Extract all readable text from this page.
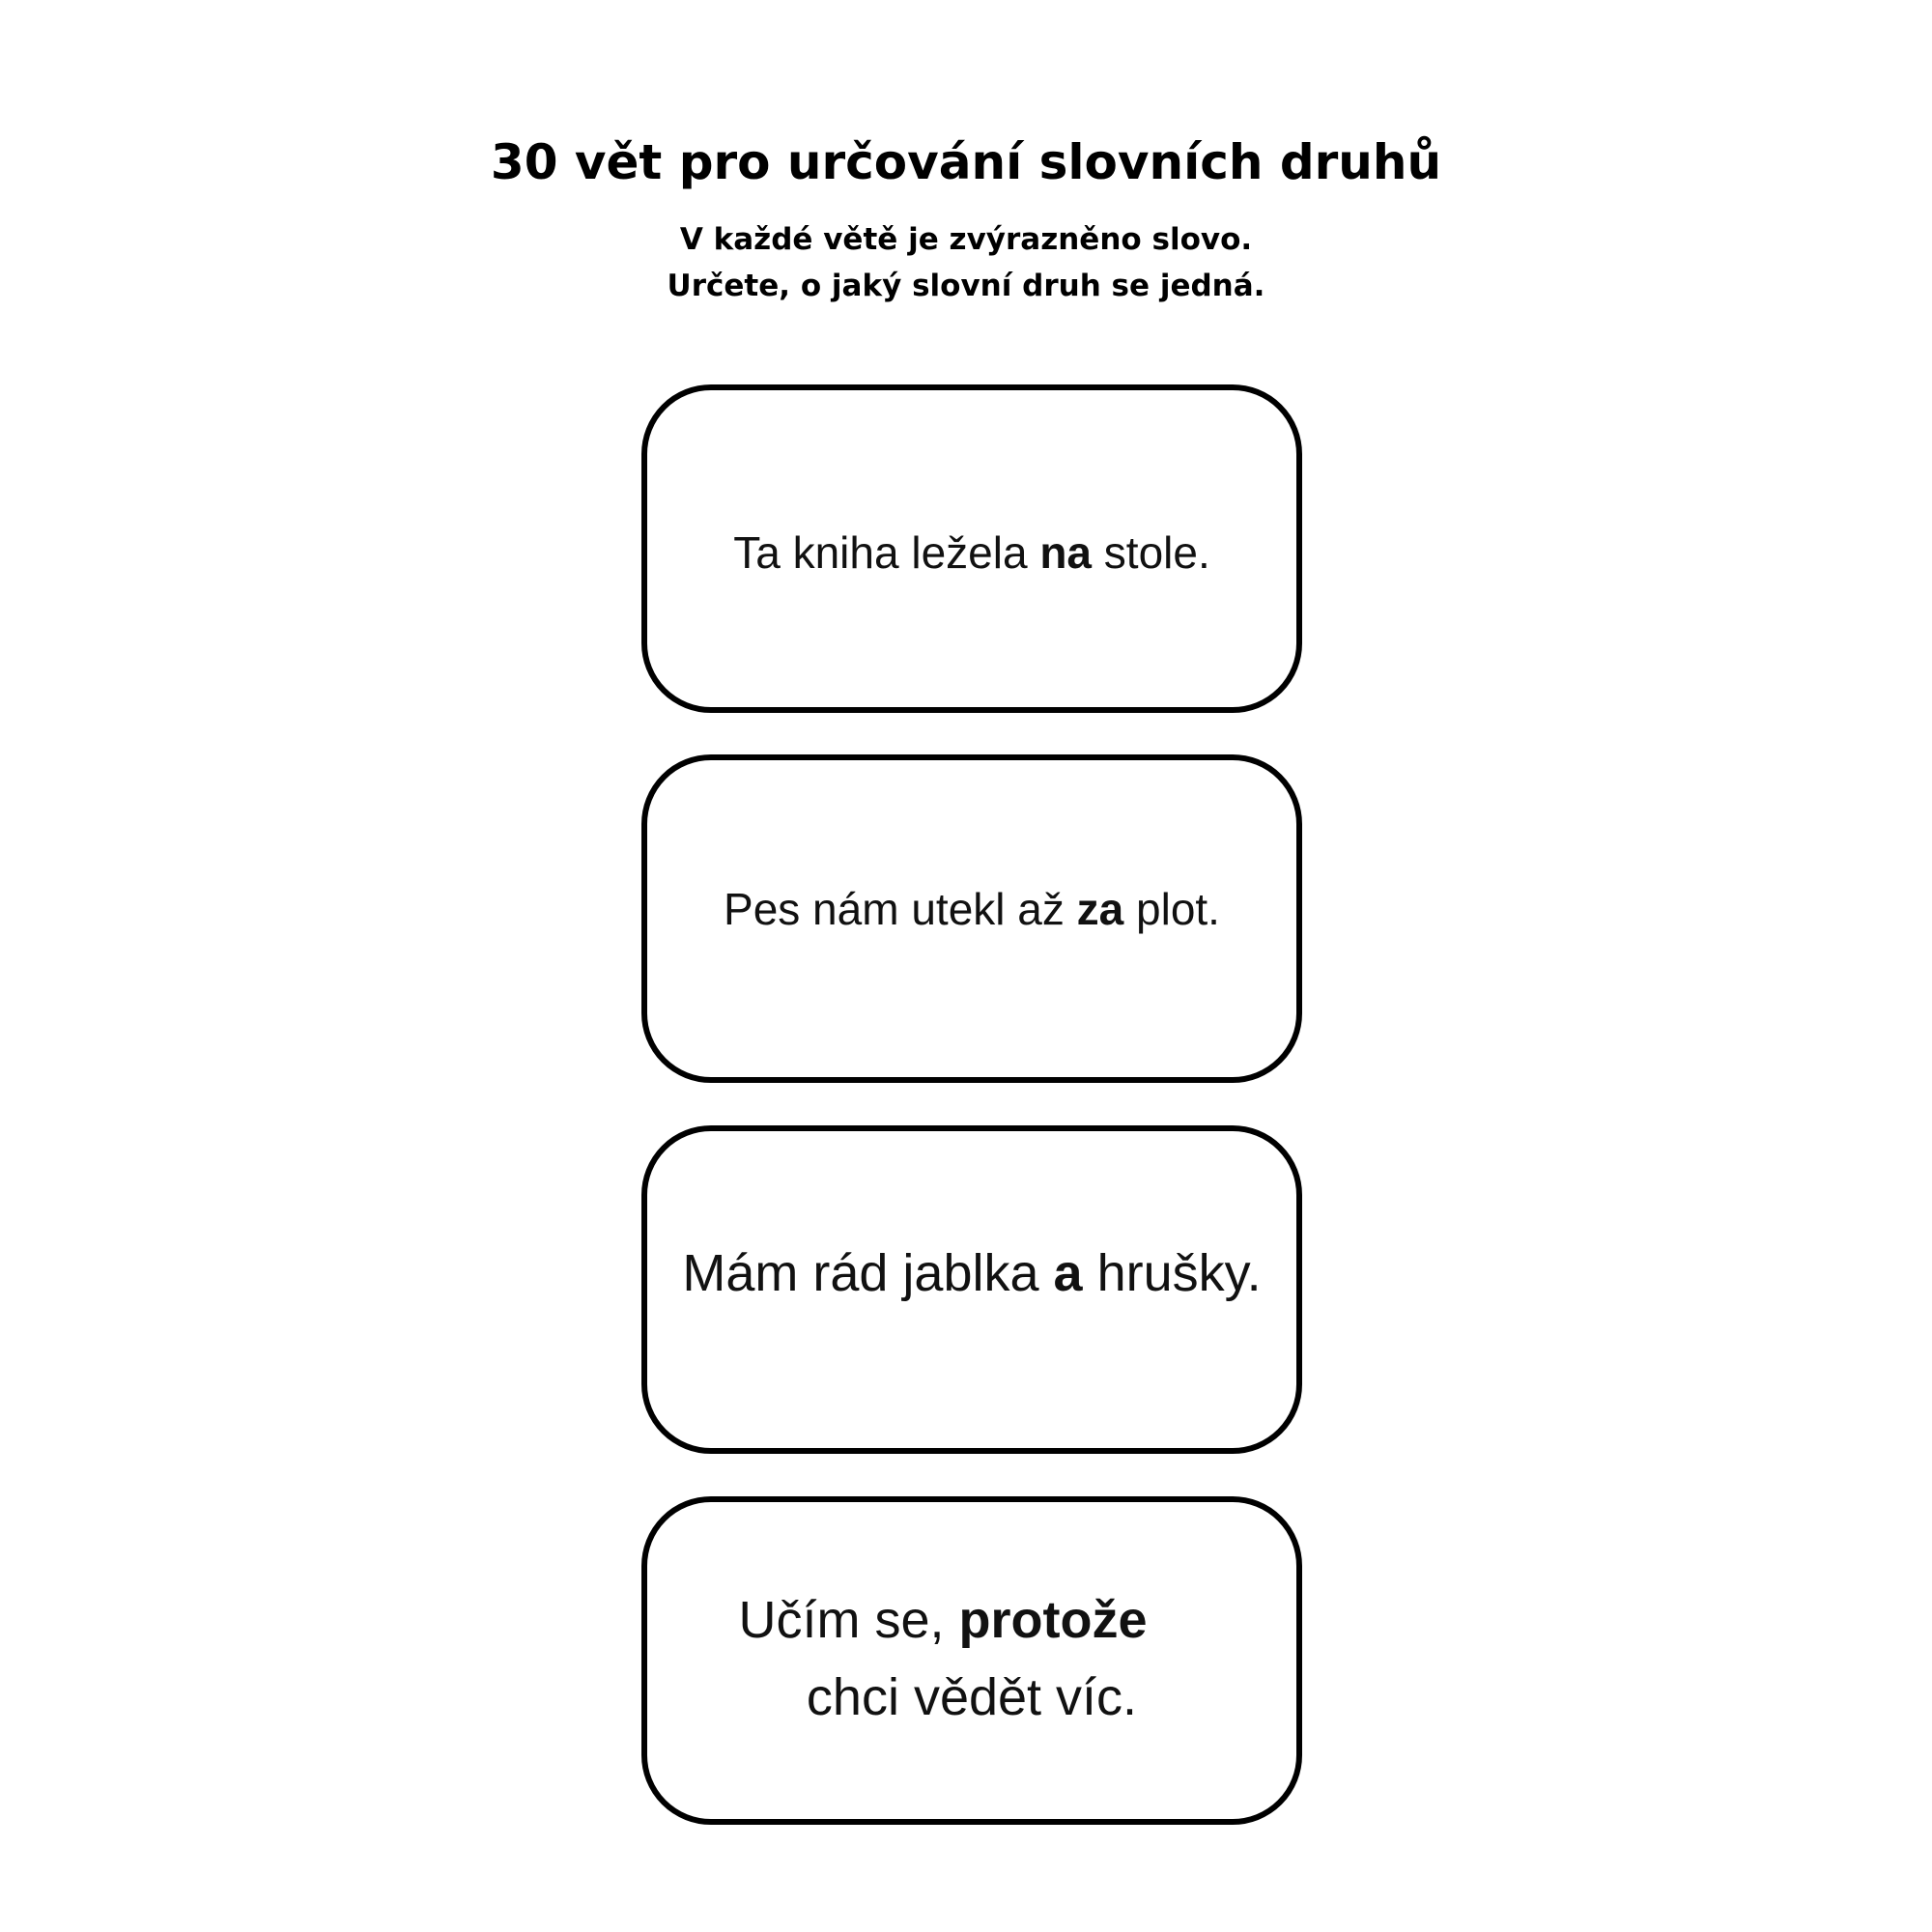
30 vět pro určování slovních druhů
V každé větě je zvýrazněno slovo.
Určete, o jaký slovní druh se jedná.
Ta kniha ležela na stole.
Pes nám utekl až za plot.
Mám rád jablka a hrušky.
Učím se, protože
chci vědět víc.
